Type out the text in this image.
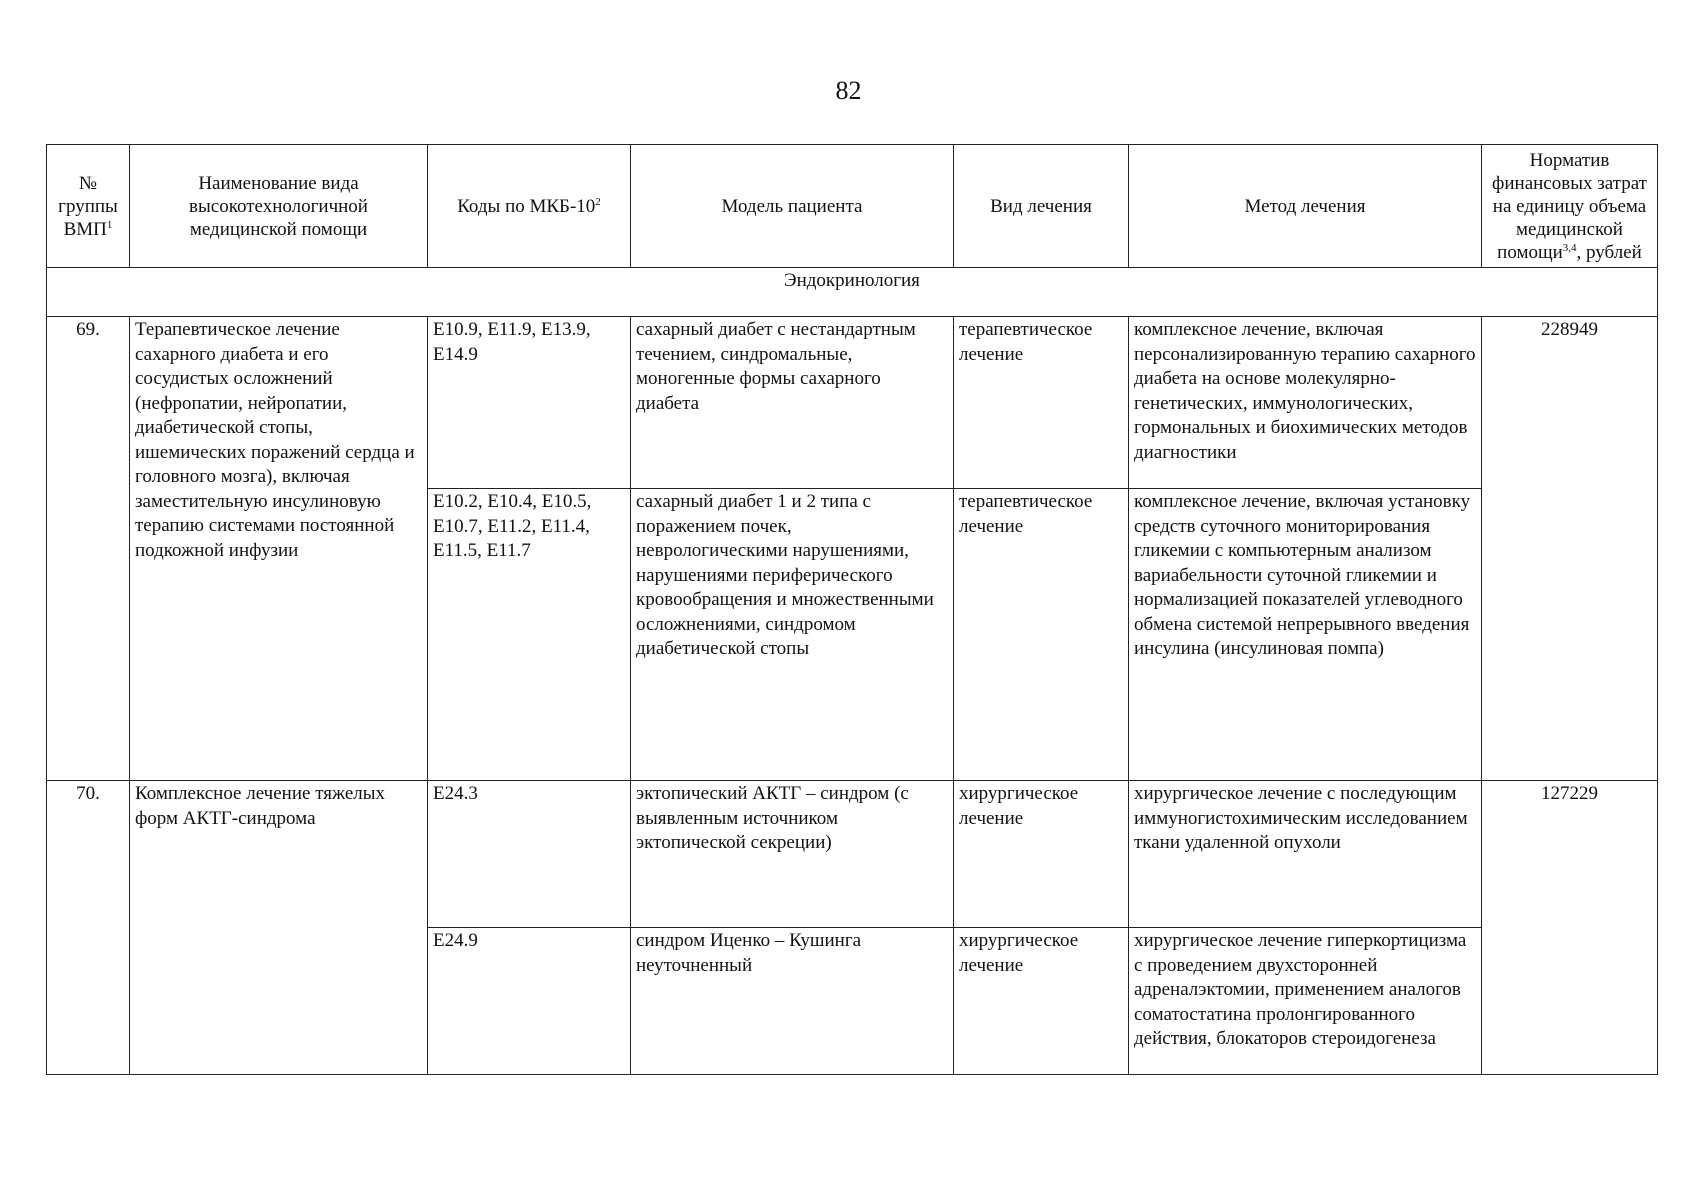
82
№ группы ВМП$^1$	Наименование вида высокотехнологичной медицинской помощи	Коды по МКБ-$10^2$	Модель пациента	Вид лечения	Метод лечения	Норматив финансовых затрат на единицу объема медицинской помощи$^{3,4}$, рублей
Эндокринология						
69.	Терапевтическое лечение сахарного диабета и его сосудистых осложнений (нефропатии, нейропатии, диабетической стопы, ишемических поражений сердца и головного мозга), включая заместительную инсулиновую терапию системами постоянной подкожной инфузии	E10.9, E11.9, E13.9, E14.9	сахарный диабет с нестандартным течением, синдромальные, моногенные формы сахарного диабета	терапевтическое лечение	комплексное лечение, включая персонализированную терапию сахарного диабета на основе молекулярно-генетических, иммунологических, гормональных и биохимических методов диагностики	228949
		E10.2, E10.4, E10.5, E10.7, E11.2, E11.4, E11.5, E11.7	сахарный диабет 1 и 2 типа с поражением почек, неврологическими нарушениями, нарушениями периферического кровообращения и множественными осложнениями, синдромом диабетической стопы	терапевтическое лечение	комплексное лечение, включая установку средств суточного мониторирования гликемии с компьютерным анализом вариабельности суточной гликемии и нормализацией показателей углеводного обмена системой непрерывного введения инсулина (инсулиновая помпа)	
70.	Комплексное лечение тяжелых форм АКТГ-синдрома	E24.3	эктопический АКТГ – синдром (с выявленным источником эктопической секреции)	хирургическое лечение	хирургическое лечение с последующим иммуногистохимическим исследованием ткани удаленной опухоли	127229
		E24.9	синдром Иценко – Кушинга неуточненный	хирургическое лечение	хирургическое лечение гиперкортицизма с проведением двухсторонней адреналэктомии, применением аналогов соматостатина пролонгированного действия, блокаторов стероидогенеза	
